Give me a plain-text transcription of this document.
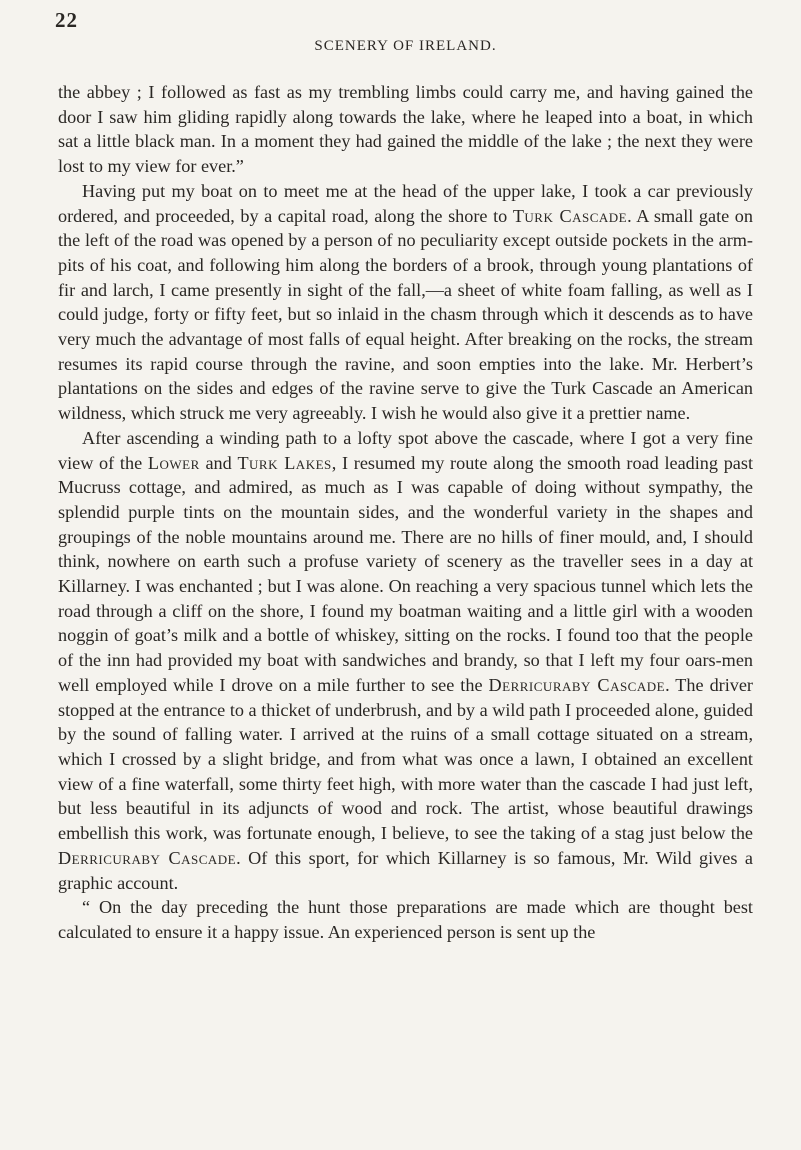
22
SCENERY OF IRELAND.

the abbey ; I followed as fast as my trembling limbs could carry me, and having gained the door I saw him gliding rapidly along towards the lake, where he leaped into a boat, in which sat a little black man. In a moment they had gained the middle of the lake ; the next they were lost to my view for ever.”

Having put my boat on to meet me at the head of the upper lake, I took a car previously ordered, and proceeded, by a capital road, along the shore to Turk Cascade. A small gate on the left of the road was opened by a person of no peculiarity except outside pockets in the arm-pits of his coat, and following him along the borders of a brook, through young plantations of fir and larch, I came presently in sight of the fall,—a sheet of white foam falling, as well as I could judge, forty or fifty feet, but so inlaid in the chasm through which it descends as to have very much the advantage of most falls of equal height. After breaking on the rocks, the stream resumes its rapid course through the ravine, and soon empties into the lake. Mr. Herbert’s plantations on the sides and edges of the ravine serve to give the Turk Cascade an American wildness, which struck me very agreeably. I wish he would also give it a prettier name.

After ascending a winding path to a lofty spot above the cascade, where I got a very fine view of the Lower and Turk Lakes, I resumed my route along the smooth road leading past Mucruss cottage, and admired, as much as I was capable of doing without sympathy, the splendid purple tints on the mountain sides, and the wonderful variety in the shapes and groupings of the noble mountains around me. There are no hills of finer mould, and, I should think, nowhere on earth such a profuse variety of scenery as the traveller sees in a day at Killarney. I was enchanted ; but I was alone. On reaching a very spacious tunnel which lets the road through a cliff on the shore, I found my boatman waiting and a little girl with a wooden noggin of goat’s milk and a bottle of whiskey, sitting on the rocks. I found too that the people of the inn had provided my boat with sandwiches and brandy, so that I left my four oars-men well employed while I drove on a mile further to see the Derricuraby Cascade. The driver stopped at the entrance to a thicket of underbrush, and by a wild path I proceeded alone, guided by the sound of falling water. I arrived at the ruins of a small cottage situated on a stream, which I crossed by a slight bridge, and from what was once a lawn, I obtained an excellent view of a fine waterfall, some thirty feet high, with more water than the cascade I had just left, but less beautiful in its adjuncts of wood and rock. The artist, whose beautiful drawings embellish this work, was fortunate enough, I believe, to see the taking of a stag just below the Derricuraby Cascade. Of this sport, for which Killarney is so famous, Mr. Wild gives a graphic account.

“ On the day preceding the hunt those preparations are made which are thought best calculated to ensure it a happy issue. An experienced person is sent up the
